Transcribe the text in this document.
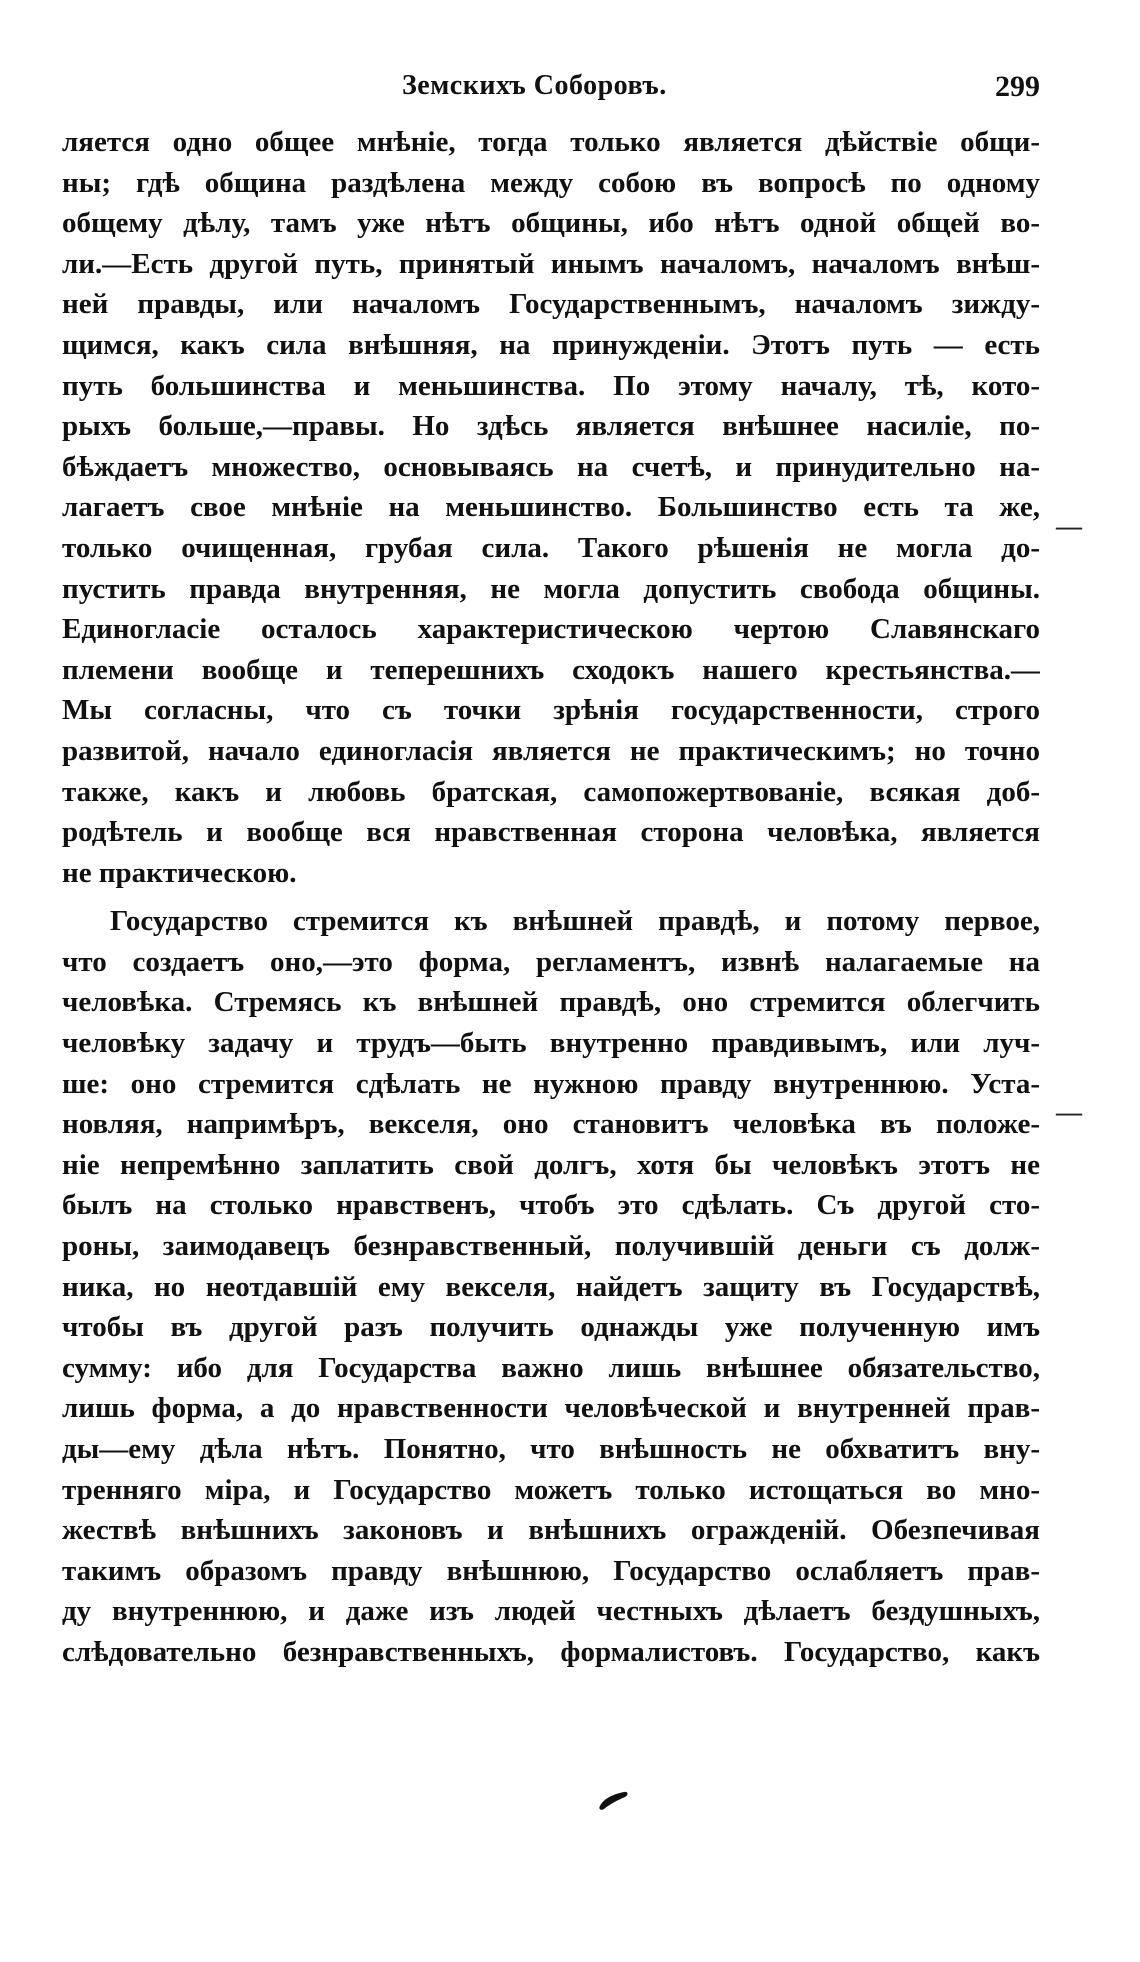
Земскихъ Соборовъ.	299
ляется одно общее мнѣніе, тогда только является дѣйствіе общи-
ны; гдѣ община раздѣлена между собою въ вопросѣ по одному
общему дѣлу, тамъ уже нѣтъ общины, ибо нѣтъ одной общей во-
ли.—Есть другой путь, принятый инымъ началомъ, началомъ внѣш-
ней правды, или началомъ Государственнымъ, началомъ зиждy-
щимся, какъ сила внѣшняя, на принужденіи. Этотъ путь — есть
путь большинства и меньшинства. По этому началу, тѣ, кото-
рыхъ больше,—правы. Но здѣсь является внѣшнее насиліе, по-
бѣждаетъ множество, основываясь на счетѣ, и принудительно на-
лагаетъ свое мнѣніе на меньшинство. Большинство есть та же,
только очищенная, грубая сила. Такого рѣшенія не могла до-
пустить правда внутренняя, не могла допустить свобода общины.
Единогласіе осталось характеристическою чертою Славянскаго
племени вообще и теперешнихъ сходокъ нашего крестьянства.—
Мы согласны, что съ точки зрѣнія государственности, строго
развитой, начало единогласія является не практическимъ; но точно
также, какъ и любовь братская, самопожертвованіе, всякая доб-
родѣтель и вообще вся нравственная сторона человѣка, является
не практическою.
Государство стремится къ внѣшней правдѣ, и потому первое,
что создаетъ оно,—это форма, регламентъ, извнѣ налагаемые на
человѣка. Стремясь къ внѣшней правдѣ, оно стремится облегчить
человѣку задачу и трудъ—быть внутренно правдивымъ, или луч-
ше: оно стремится сдѣлать не нужною правду внутреннюю. Уста-
новляя, напримѣръ, векселя, оно становитъ человѣка въ положе-
ніе непремѣнно заплатить свой долгъ, хотя бы человѣкъ этотъ не
былъ на столько нравственъ, чтобъ это сдѣлать. Съ другой сто-
роны, заимодавецъ безнравственный, получившій деньги съ долж-
ника, но неотдавшій ему векселя, найдетъ защиту въ Государствѣ,
чтобы въ другой разъ получить однажды уже полученную имъ
сумму: ибо для Государства важно лишь внѣшнее обязательство,
лишь форма, а до нравственности человѣческой и внутренней прав-
ды—ему дѣла нѣтъ. Понятно, что внѣшность не обхватитъ вну-
тренняго міра, и Государство можетъ только истощаться во мно-
жествѣ внѣшнихъ законовъ и внѣшнихъ огражденій. Обезпечивая
такимъ образомъ правду внѣшнюю, Государство ослабляетъ прав-
ду внутреннюю, и даже изъ людей честныхъ дѣлаетъ бездушныхъ,
слѣдовательно безнравственныхъ, формалистовъ. Государство, какъ
—
—
